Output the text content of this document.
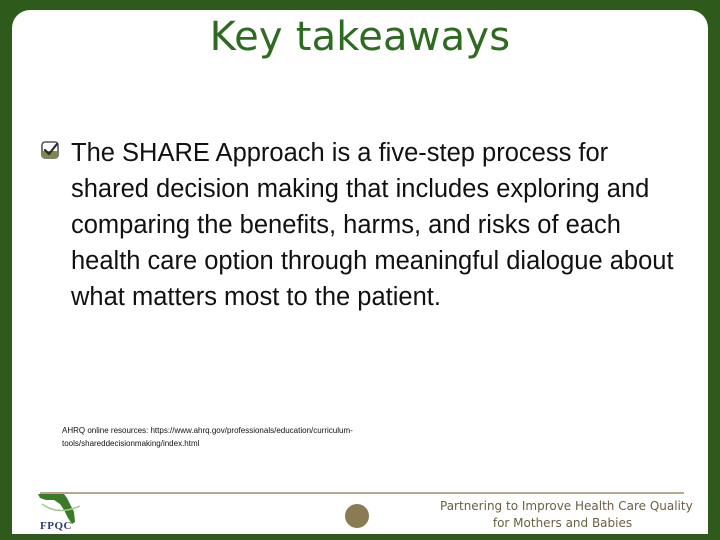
Key takeaways
The SHARE Approach is a five-step process for shared decision making that includes exploring and comparing the benefits, harms, and risks of each health care option through meaningful dialogue about what matters most to the patient.
AHRQ online resources: https://www.ahrq.gov/professionals/education/curriculum-
tools/shareddecisionmaking/index.html
FPQC
Partnering to Improve Health Care Quality
for Mothers and Babies
